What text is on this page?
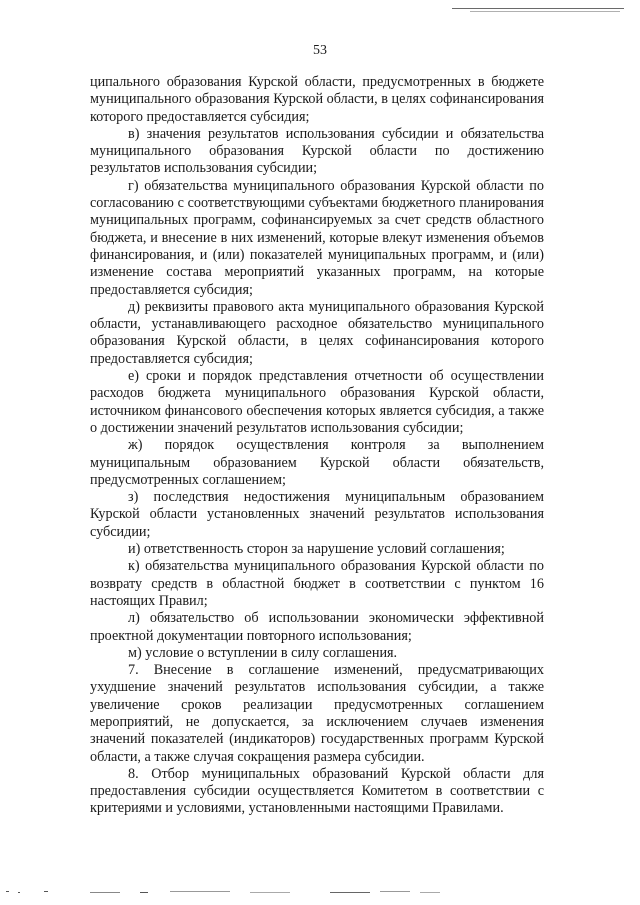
53

ципального образования Курской области, предусмотренных в бюджете муниципального образования Курской области, в целях софинансирования которого предоставляется субсидия;

в) значения результатов использования субсидии и обязательства муниципального образования Курской области по достижению результатов использования субсидии;

г) обязательства муниципального образования Курской области по согласованию с соответствующими субъектами бюджетного планирования муниципальных программ, софинансируемых за счет средств областного бюджета, и внесение в них изменений, которые влекут изменения объемов финансирования, и (или) показателей муниципальных программ, и (или) изменение состава мероприятий указанных программ, на которые предоставляется субсидия;

д) реквизиты правового акта муниципального образования Курской области, устанавливающего расходное обязательство муниципального образования Курской области, в целях софинансирования которого предоставляется субсидия;

е) сроки и порядок представления отчетности об осуществлении расходов бюджета муниципального образования Курской области, источником финансового обеспечения которых является субсидия, а также о достижении значений результатов использования субсидии;

ж) порядок осуществления контроля за выполнением муниципальным образованием Курской области обязательств, предусмотренных соглашением;

з) последствия недостижения муниципальным образованием Курской области установленных значений результатов использования субсидии;

и) ответственность сторон за нарушение условий соглашения;

к) обязательства муниципального образования Курской области по возврату средств в областной бюджет в соответствии с пунктом 16 настоящих Правил;

л) обязательство об использовании экономически эффективной проектной документации повторного использования;

м) условие о вступлении в силу соглашения.

7. Внесение в соглашение изменений, предусматривающих ухудшение значений результатов использования субсидии, а также увеличение сроков реализации предусмотренных соглашением мероприятий, не допускается, за исключением случаев изменения значений показателей (индикаторов) государственных программ Курской области, а также случая сокращения размера субсидии.

8. Отбор муниципальных образований Курской области для предоставления субсидии осуществляется Комитетом в соответствии с критериями и условиями, установленными настоящими Правилами.
